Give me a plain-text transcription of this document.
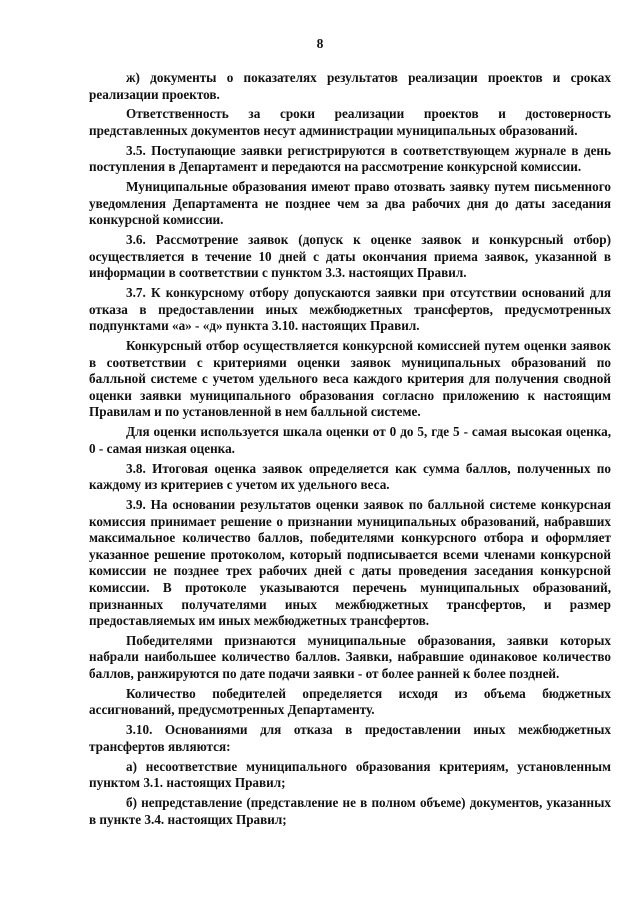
8

ж) документы о показателях результатов реализации проектов и сроках реализации проектов.

Ответственность за сроки реализации проектов и достоверность представленных документов несут администрации муниципальных образований.

3.5. Поступающие заявки регистрируются в соответствующем журнале в день поступления в Департамент и передаются на рассмотрение конкурсной комиссии.

Муниципальные образования имеют право отозвать заявку путем письменного уведомления Департамента не позднее чем за два рабочих дня до даты заседания конкурсной комиссии.

3.6. Рассмотрение заявок (допуск к оценке заявок и конкурсный отбор) осуществляется в течение 10 дней с даты окончания приема заявок, указанной в информации в соответствии с пунктом 3.3. настоящих Правил.

3.7. К конкурсному отбору допускаются заявки при отсутствии оснований для отказа в предоставлении иных межбюджетных трансфертов, предусмотренных подпунктами «а» - «д» пункта 3.10. настоящих Правил.

Конкурсный отбор осуществляется конкурсной комиссией путем оценки заявок в соответствии с критериями оценки заявок муниципальных образований по балльной системе с учетом удельного веса каждого критерия для получения сводной оценки заявки муниципального образования согласно приложению к настоящим Правилам и по установленной в нем балльной системе.

Для оценки используется шкала оценки от 0 до 5, где 5 - самая высокая оценка, 0 - самая низкая оценка.

3.8. Итоговая оценка заявок определяется как сумма баллов, полученных по каждому из критериев с учетом их удельного веса.

3.9. На основании результатов оценки заявок по балльной системе конкурсная комиссия принимает решение о признании муниципальных образований, набравших максимальное количество баллов, победителями конкурсного отбора и оформляет указанное решение протоколом, который подписывается всеми членами конкурсной комиссии не позднее трех рабочих дней с даты проведения заседания конкурсной комиссии. В протоколе указываются перечень муниципальных образований, признанных получателями иных межбюджетных трансфертов, и размер предоставляемых им иных межбюджетных трансфертов.

Победителями признаются муниципальные образования, заявки которых набрали наибольшее количество баллов. Заявки, набравшие одинаковое количество баллов, ранжируются по дате подачи заявки - от более ранней к более поздней.

Количество победителей определяется исходя из объема бюджетных ассигнований, предусмотренных Департаменту.

3.10. Основаниями для отказа в предоставлении иных межбюджетных трансфертов являются:

а) несоответствие муниципального образования критериям, установленным пунктом 3.1. настоящих Правил;

б) непредставление (представление не в полном объеме) документов, указанных в пункте 3.4. настоящих Правил;
